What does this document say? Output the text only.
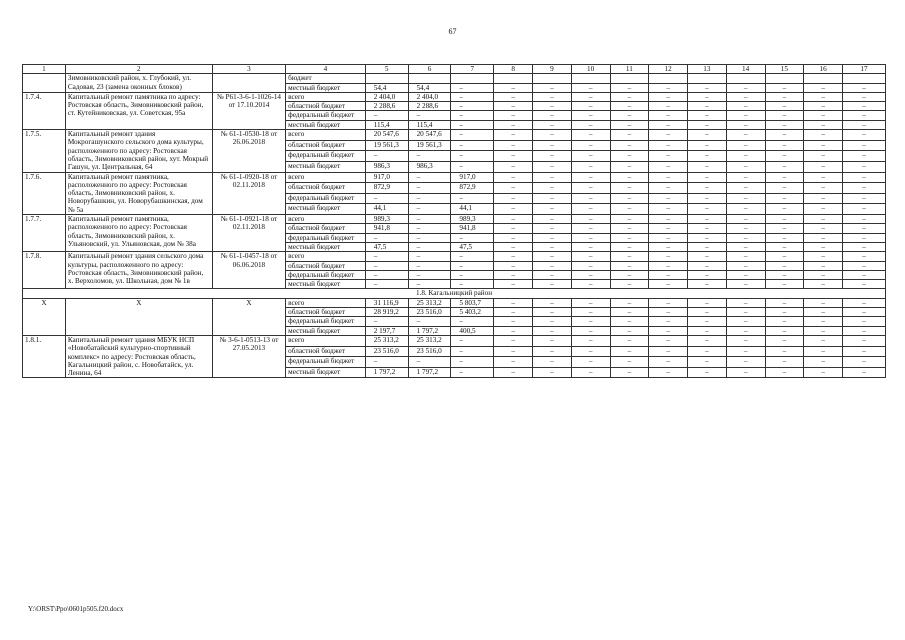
67
1	2	3	4	5	6	7	8	9	10	11	12	13	14	15	16	17
	Зимовниковский район, х. Глубокий, ул. Садовая, 23 (замена оконных блоков)		бюджет													
			местный бюджет	54,4	54,4	–	–	–	–	–	–	–	–	–	–	–
1.7.4.	Капитальный ремонт памятника по адресу: Ростовская область, Зимовниковский район, ст. Кутейниковская, ул. Советская, 95а	№ Р61-3-6-1-1026-14 от 17.10.2014	всего	2 404,0	2 404,0	–	–	–	–	–	–	–	–	–	–	–
			областной бюджет	2 288,6	2 288,6	–	–	–	–	–	–	–	–	–	–	–
			федеральный бюджет	–	–	–	–	–	–	–	–	–	–	–	–	–
			местный бюджет	115,4	115,4	–	–	–	–	–	–	–	–	–	–	–
1.7.5.	Капитальный ремонт здания Мокрогашунского сельского дома культуры, расположенного по адресу: Ростовская область, Зимовниковский район, хут. Мокрый Гашун, ул. Центральная, 64	№ 61-1-0530-18 от 26.06.2018	всего	20 547,6	20 547,6	–	–	–	–	–	–	–	–	–	–	–
			областной бюджет	19 561,3	19 561,3	–	–	–	–	–	–	–	–	–	–	–
			федеральный бюджет	–	–	–	–	–	–	–	–	–	–	–	–	–
			местный бюджет	986,3	986,3	–	–	–	–	–	–	–	–	–	–	–
1.7.6.	Капитальный ремонт памятника, расположенного по адресу: Ростовская область, Зимовниковский район, х. Новорубашкин, ул. Новорубашкинская, дом № 5а	№ 61-1-0920-18 от 02.11.2018	всего	917,0	–	917,0	–	–	–	–	–	–	–	–	–	–
			областной бюджет	872,9	–	872,9	–	–	–	–	–	–	–	–	–	–
			федеральный бюджет	–	–	–	–	–	–	–	–	–	–	–	–	–
			местный бюджет	44,1	–	44,1	–	–	–	–	–	–	–	–	–	–
1.7.7.	Капитальный ремонт памятника, расположенного по адресу: Ростовская область, Зимовниковский район, х. Ульяновский, ул. Ульяновская, дом № 38а	№ 61-1-0921-18 от 02.11.2018	всего	989,3	–	989,3	–	–	–	–	–	–	–	–	–	–
			областной бюджет	941,8	–	941,8	–	–	–	–	–	–	–	–	–	–
			федеральный бюджет	–	–	–	–	–	–	–	–	–	–	–	–	–
			местный бюджет	47,5	–	47,5	–	–	–	–	–	–	–	–	–	–
1.7.8.	Капитальный ремонт здания сельского дома культуры, расположенного по адресу: Ростовская область, Зимовниковский район, х. Верхоломов, ул. Школьная, дом № 1в	№ 61-1-0457-18 от 06.06.2018	всего	–	–	–	–	–	–	–	–	–	–	–	–	–
			областной бюджет	–	–	–	–	–	–	–	–	–	–	–	–	–
			федеральный бюджет	–	–	–	–	–	–	–	–	–	–	–	–	–
			местный бюджет	–	–	–	–	–	–	–	–	–	–	–	–	–
1.8. Кагальницкий район																
Х	Х	Х	всего	31 116,9	25 313,2	5 803,7	–	–	–	–	–	–	–	–	–	–
			областной бюджет	28 919,2	23 516,0	5 403,2	–	–	–	–	–	–	–	–	–	–
			федеральный бюджет	–	–	–	–	–	–	–	–	–	–	–	–	–
			местный бюджет	2 197,7	1 797,2	400,5	–	–	–	–	–	–	–	–	–	–
1.8.1.	Капитальный ремонт здания МБУК НСП «Новобатайский культурно-спортивный комплекс» по адресу: Ростовская область, Кагальницкий район, с. Новобатайск, ул. Ленина, 64	№ 3-6-1-0513-13 от 27.05.2013	всего	25 313,2	25 313,2	–	–	–	–	–	–	–	–	–	–	–
			областной бюджет	23 516,0	23 516,0	–	–	–	–	–	–	–	–	–	–	–
			федеральный бюджет	–	–	–	–	–	–	–	–	–	–	–	–	–
			местный бюджет	1 797,2	1 797,2	–	–	–	–	–	–	–	–	–	–	–
Y:\ORST\Ppo\0601p505.f20.docx
